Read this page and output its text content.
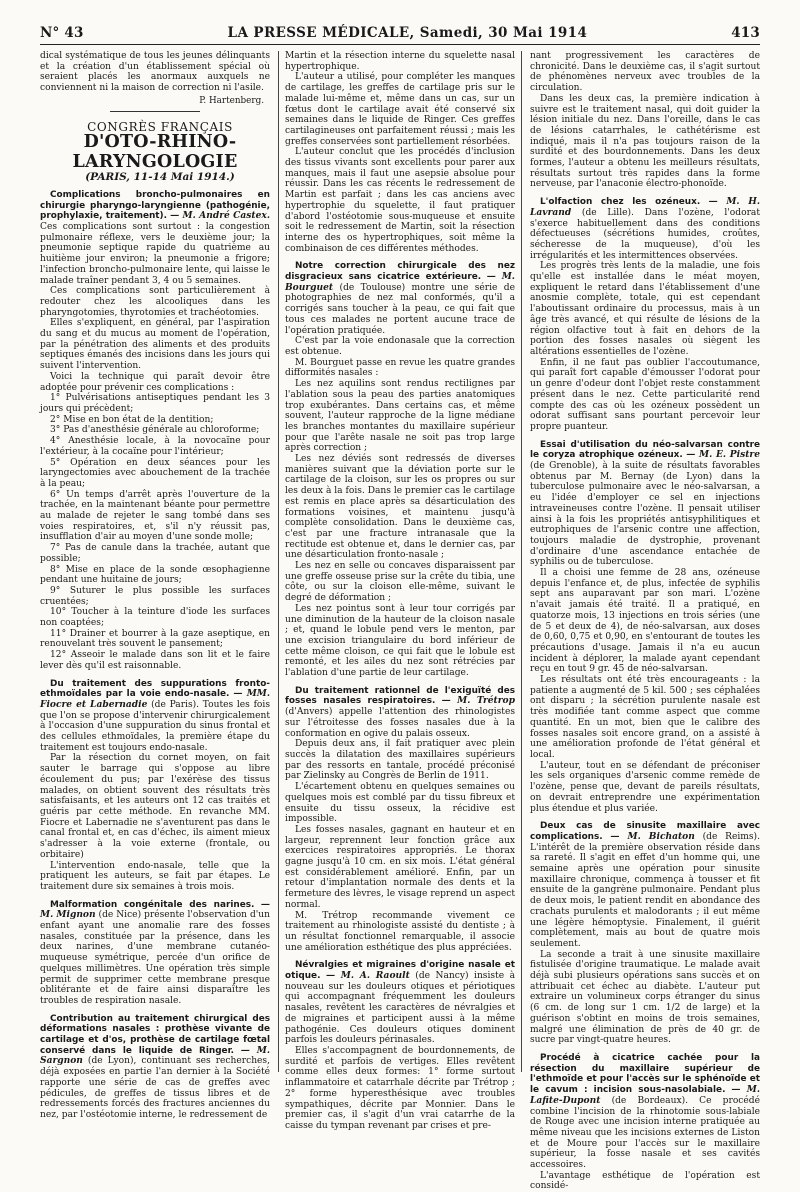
N° 43	LA PRESSE MÉDICALE, Samedi, 30 Mai 1914	413

dical systématique de tous les jeunes délinquants et la création d'un établissement spécial où seraient placés les anormaux auxquels ne conviennent ni la maison de correction ni l'asile.

P. Hartenberg.

CONGRÈS FRANÇAIS

D'OTO-RHINO-LARYNGOLOGIE

(PARIS, 11-14 Mai 1914.)

Complications broncho-pulmonaires en chirurgie pharyngo-laryngienne (pathogénie, prophylaxie, traitement). — M. André Castex. Ces complications sont surtout : la congestion pulmonaire réflexe, vers le deuxième jour; la pneumonie septique rapide du quatrième au huitième jour environ; la pneumonie a frigore; l'infection broncho-pulmonaire lente, qui laisse le malade traîner pendant 3, 4 ou 5 semaines.

Ces complications sont particulièrement à redouter chez les alcooliques dans les pharyngotomies, thyrotomies et trachéotomies.

Elles s'expliquent, en général, par l'aspiration du sang et du mucus au moment de l'opération, par la pénétration des aliments et des produits septiques émanés des incisions dans les jours qui suivent l'intervention.

Voici la technique qui paraît devoir être adoptée pour prévenir ces complications :

1° Pulvérisations antiseptiques pendant les 3 jours qui précèdent;

2° Mise en bon état de la dentition;

3° Pas d'anesthésie générale au chloroforme;

4° Anesthésie locale, à la novocaïne pour l'extérieur, à la cocaïne pour l'intérieur;

5° Opération en deux séances pour les laryngectomies avec abouchement de la trachée à la peau;

6° Un temps d'arrêt après l'ouverture de la trachée, en la maintenant béante pour permettre au malade de rejeter le sang tombé dans ses voies respiratoires, et, s'il n'y réussit pas, insufflation d'air au moyen d'une sonde molle;

7° Pas de canule dans la trachée, autant que possible;

8° Mise en place de la sonde œsophagienne pendant une huitaine de jours;

9° Suturer le plus possible les surfaces cruentées;

10° Toucher à la teinture d'iode les surfaces non coaptées;

11° Drainer et bourrer à la gaze aseptique, en renouvelant très souvent le pansement;

12° Asseoir le malade dans son lit et le faire lever dès qu'il est raisonnable.

Du traitement des suppurations fronto-ethmoïdales par la voie endo-nasale. — MM. Fiocre et Labernadie (de Paris). Toutes les fois que l'on se propose d'intervenir chirurgicalement à l'occasion d'une suppuration du sinus frontal et des cellules ethmoïdales, la première étape du traitement est toujours endo-nasale.

Par la résection du cornet moyen, on fait sauter le barrage qui s'oppose au libre écoulement du pus; par l'exérèse des tissus malades, on obtient souvent des résultats très satisfaisants, et les auteurs ont 12 cas traités et guéris par cette méthode. En revanche MM. Fiocre et Labernadie ne s'aventurent pas dans le canal frontal et, en cas d'échec, ils aiment mieux s'adresser à la voie externe (frontale, ou orbitaire)

L'intervention endo-nasale, telle que la pratiquent les auteurs, se fait par étapes. Le traitement dure six semaines à trois mois.

Malformation congénitale des narines. — M. Mignon (de Nice) présente l'observation d'un enfant ayant une anomalie rare des fosses nasales, constituée par la présence, dans les deux narines, d'une membrane cutanéo-muqueuse symétrique, percée d'un orifice de quelques millimètres. Une opération très simple permit de supprimer cette membrane presque oblitérante et de faire ainsi disparaître les troubles de respiration nasale.

Contribution au traitement chirurgical des déformations nasales : prothèse vivante de cartilage et d'os, prothèse de cartilage fœtal conservé dans le liquide de Ringer. — M. Sargnon (de Lyon), continuant ses recherches, déjà exposées en partie l'an dernier à la Société rapporte une série de cas de greffes avec pédicules, de greffes de tissus libres et de redressements forcés des fractures anciennes du nez, par l'ostéotomie interne, le redressement de

Martin et la résection interne du squelette nasal hypertrophique.

L'auteur a utilisé, pour compléter les manques de cartilage, les greffes de cartilage pris sur le malade lui-même et, même dans un cas, sur un fœtus dont le cartilage avait été conservé six semaines dans le liquide de Ringer. Ces greffes cartilagineuses ont parfaitement réussi ; mais les greffes conservées sont partiellement résorbées.

L'auteur conclut que les procédés d'inclusion des tissus vivants sont excellents pour parer aux manques, mais il faut une asepsie absolue pour réussir. Dans les cas récents le redressement de Martin est parfait ; dans les cas anciens avec hypertrophie du squelette, il faut pratiquer d'abord l'ostéotomie sous-muqueuse et ensuite soit le redressement de Martin, soit la résection interne des os hypertrophiques, soit même la combinaison de ces différentes méthodes.

Notre correction chirurgicale des nez disgracieux sans cicatrice extérieure. — M. Bourguet (de Toulouse) montre une série de photographies de nez mal conformés, qu'il a corrigés sans toucher à la peau, ce qui fait que tous ces malades ne portent aucune trace de l'opération pratiquée.

C'est par la voie endonasale que la correction est obtenue.

M. Bourguet passe en revue les quatre grandes difformités nasales :

Les nez aquilins sont rendus rectilignes par l'ablation sous la peau des parties anatomiques trop exubérantes. Dans certains cas, et même souvent, l'auteur rapproche de la ligne médiane les branches montantes du maxillaire supérieur pour que l'arête nasale ne soit pas trop large après correction ;

Les nez déviés sont redressés de diverses manières suivant que la déviation porte sur le cartilage de la cloison, sur les os propres ou sur les deux à la fois. Dans le premier cas le cartilage est remis en place après sa désarticulation des formations voisines, et maintenu jusqu'à complète consolidation. Dans le deuxième cas, c'est par une fracture intranasale que la rectitude est obtenue et, dans le dernier cas, par une désarticulation fronto-nasale ;

Les nez en selle ou concaves disparaissent par une greffe osseuse prise sur la crête du tibia, une côte, ou sur la cloison elle-même, suivant le degré de déformation ;

Les nez pointus sont à leur tour corrigés par une diminution de la hauteur de la cloison nasale ; et, quand le lobule pend vers le menton, par une excision triangulaire du bord inférieur de cette même cloison, ce qui fait que le lobule est remonté, et les ailes du nez sont rétrécies par l'ablation d'une partie de leur cartilage.

Du traitement rationnel de l'exiguïté des fosses nasales respiratoires. — M. Trétrop (d'Anvers) appelle l'attention des rhinologistes sur l'étroitesse des fosses nasales due à la conformation en ogive du palais osseux.

Depuis deux ans, il fait pratiquer avec plein succès la dilatation des maxillaires supérieurs par des ressorts en tantale, procédé préconisé par Zielinsky au Congrès de Berlin de 1911.

L'écartement obtenu en quelques semaines ou quelques mois est comblé par du tissu fibreux et ensuite du tissu osseux, la récidive est impossible.

Les fosses nasales, gagnant en hauteur et en largeur, reprennent leur fonction grâce aux exercices respiratoires appropriés. Le thorax gagne jusqu'à 10 cm. en six mois. L'état général est considérablement amélioré. Enfin, par un retour d'implantation normale des dents et la fermeture des lèvres, le visage reprend un aspect normal.

M. Trétrop recommande vivement ce traitement au rhinologiste assisté du dentiste ; à un résultat fonctionnel remarquable, il associe une amélioration esthétique des plus appréciées.

Névralgies et migraines d'origine nasale et otique. — M. A. Raoult (de Nancy) insiste à nouveau sur les douleurs otiques et périotiques qui accompagnant fréquemment les douleurs nasales, revêtent les caractères de névralgies et de migraines et participent aussi à la même pathogénie. Ces douleurs otiques dominent parfois les douleurs périnasales.

Elles s'accompagnent de bourdonnements, de surdité et parfois de vertiges. Elles revêtent comme elles deux formes: 1° forme surtout inflammatoire et catarrhale décrite par Trétrop ; 2° forme hyperesthésique avec troubles sympathiques, décrite par Monnier. Dans le premier cas, il s'agit d'un vrai catarrhe de la caisse du tympan revenant par crises et pre-

nant progressivement les caractères de chronicité. Dans le deuxième cas, il s'agit surtout de phénomènes nerveux avec troubles de la circulation.

Dans les deux cas, la première indication à suivre est le traitement nasal, qui doit guider la lésion initiale du nez. Dans l'oreille, dans le cas de lésions catarrhales, le cathétérisme est indiqué, mais il n'a pas toujours raison de la surdité et des bourdonnements. Dans les deux formes, l'auteur a obtenu les meilleurs résultats, résultats surtout très rapides dans la forme nerveuse, par l'anaconie électro-phonoïde.

L'olfaction chez les ozéneux. — M. H. Lavrand (de Lille). Dans l'ozène, l'odorat s'exerce habituellement dans des conditions défectueuses (sécrétions humides, croûtes, sécheresse de la muqueuse), d'où les irrégularités et les intermittences observées.

Les progrès très lents de la maladie, une fois qu'elle est installée dans le méat moyen, expliquent le retard dans l'établissement d'une anosmie complète, totale, qui est cependant l'aboutissant ordinaire du processus, mais à un âge très avancé, et qui résulte de lésions de la région olfactive tout à fait en dehors de la portion des fosses nasales où siègent les altérations essentielles de l'ozène.

Enfin, il ne faut pas oublier l'accoutumance, qui paraît fort capable d'émousser l'odorat pour un genre d'odeur dont l'objet reste constamment présent dans le nez. Cette particularité rend compte des cas où les ozéneux possèdent un odorat suffisant sans pourtant percevoir leur propre puanteur.

Essai d'utilisation du néo-salvarsan contre le coryza atrophique ozéneux. — M. E. Pistre (de Grenoble), à la suite de résultats favorables obtenus par M. Bernay (de Lyon) dans la tuberculose pulmonaire avec le néo-salvarsan, a eu l'idée d'employer ce sel en injections intraveineuses contre l'ozène. Il pensait utiliser ainsi à la fois les propriétés antisyphilitiques et eutrophiques de l'arsenic contre une affection, toujours maladie de dystrophie, provenant d'ordinaire d'une ascendance entachée de syphilis ou de tuberculose.

Il a choisi une femme de 28 ans, ozéneuse depuis l'enfance et, de plus, infectée de syphilis sept ans auparavant par son mari. L'ozène n'avait jamais été traité. Il a pratiqué, en quatorze mois, 13 injections en trois séries (une de 5 et deux de 4), de néo-salvarsan, aux doses de 0,60, 0,75 et 0,90, en s'entourant de toutes les précautions d'usage. Jamais il n'a eu aucun incident à déplorer, la malade ayant cependant reçu en tout 9 gr. 45 de néo-salvarsan.

Les résultats ont été très encourageants : la patiente a augmenté de 5 kil. 500 ; ses céphalées ont disparu ; la sécrétion purulente nasale est très modifiée tant comme aspect que comme quantité. En un mot, bien que le calibre des fosses nasales soit encore grand, on a assisté à une amélioration profonde de l'état général et local.

L'auteur, tout en se défendant de préconiser les sels organiques d'arsenic comme remède de l'ozène, pense que, devant de pareils résultats, on devrait entreprendre une expérimentation plus étendue et plus variée.

Deux cas de sinusite maxillaire avec complications. — M. Bichaton (de Reims). L'intérêt de la première observation réside dans sa rareté. Il s'agit en effet d'un homme qui, une semaine après une opération pour sinusite maxillaire chronique, commença à tousser et fit ensuite de la gangrène pulmonaire. Pendant plus de deux mois, le patient rendit en abondance des crachats purulents et malodorants ; il eut même une légère hémoptysie. Finalement, il guérit complètement, mais au bout de quatre mois seulement.

La seconde a trait à une sinusite maxillaire fistulisée d'origine traumatique. Le malade avait déjà subi plusieurs opérations sans succès et on attribuait cet échec au diabète. L'auteur put extraire un volumineux corps étranger du sinus (6 cm. de long sur 1 cm. 1/2 de large) et la guérison s'obtint en moins de trois semaines, malgré une élimination de près de 40 gr. de sucre par vingt-quatre heures.

Procédé à cicatrice cachée pour la résection du maxillaire supérieur de l'ethmoïde et pour l'accès sur le sphénoïde et le cavum : incision sous-nasolabiale. — M. Lafite-Dupont (de Bordeaux). Ce procédé combine l'incision de la rhinotomie sous-labiale de Rouge avec une incision interne pratiquée au même niveau que les incisions externes de Liston et de Moure pour l'accès sur le maxillaire supérieur, la fosse nasale et ses cavités accessoires.

L'avantage esthétique de l'opération est considé-
